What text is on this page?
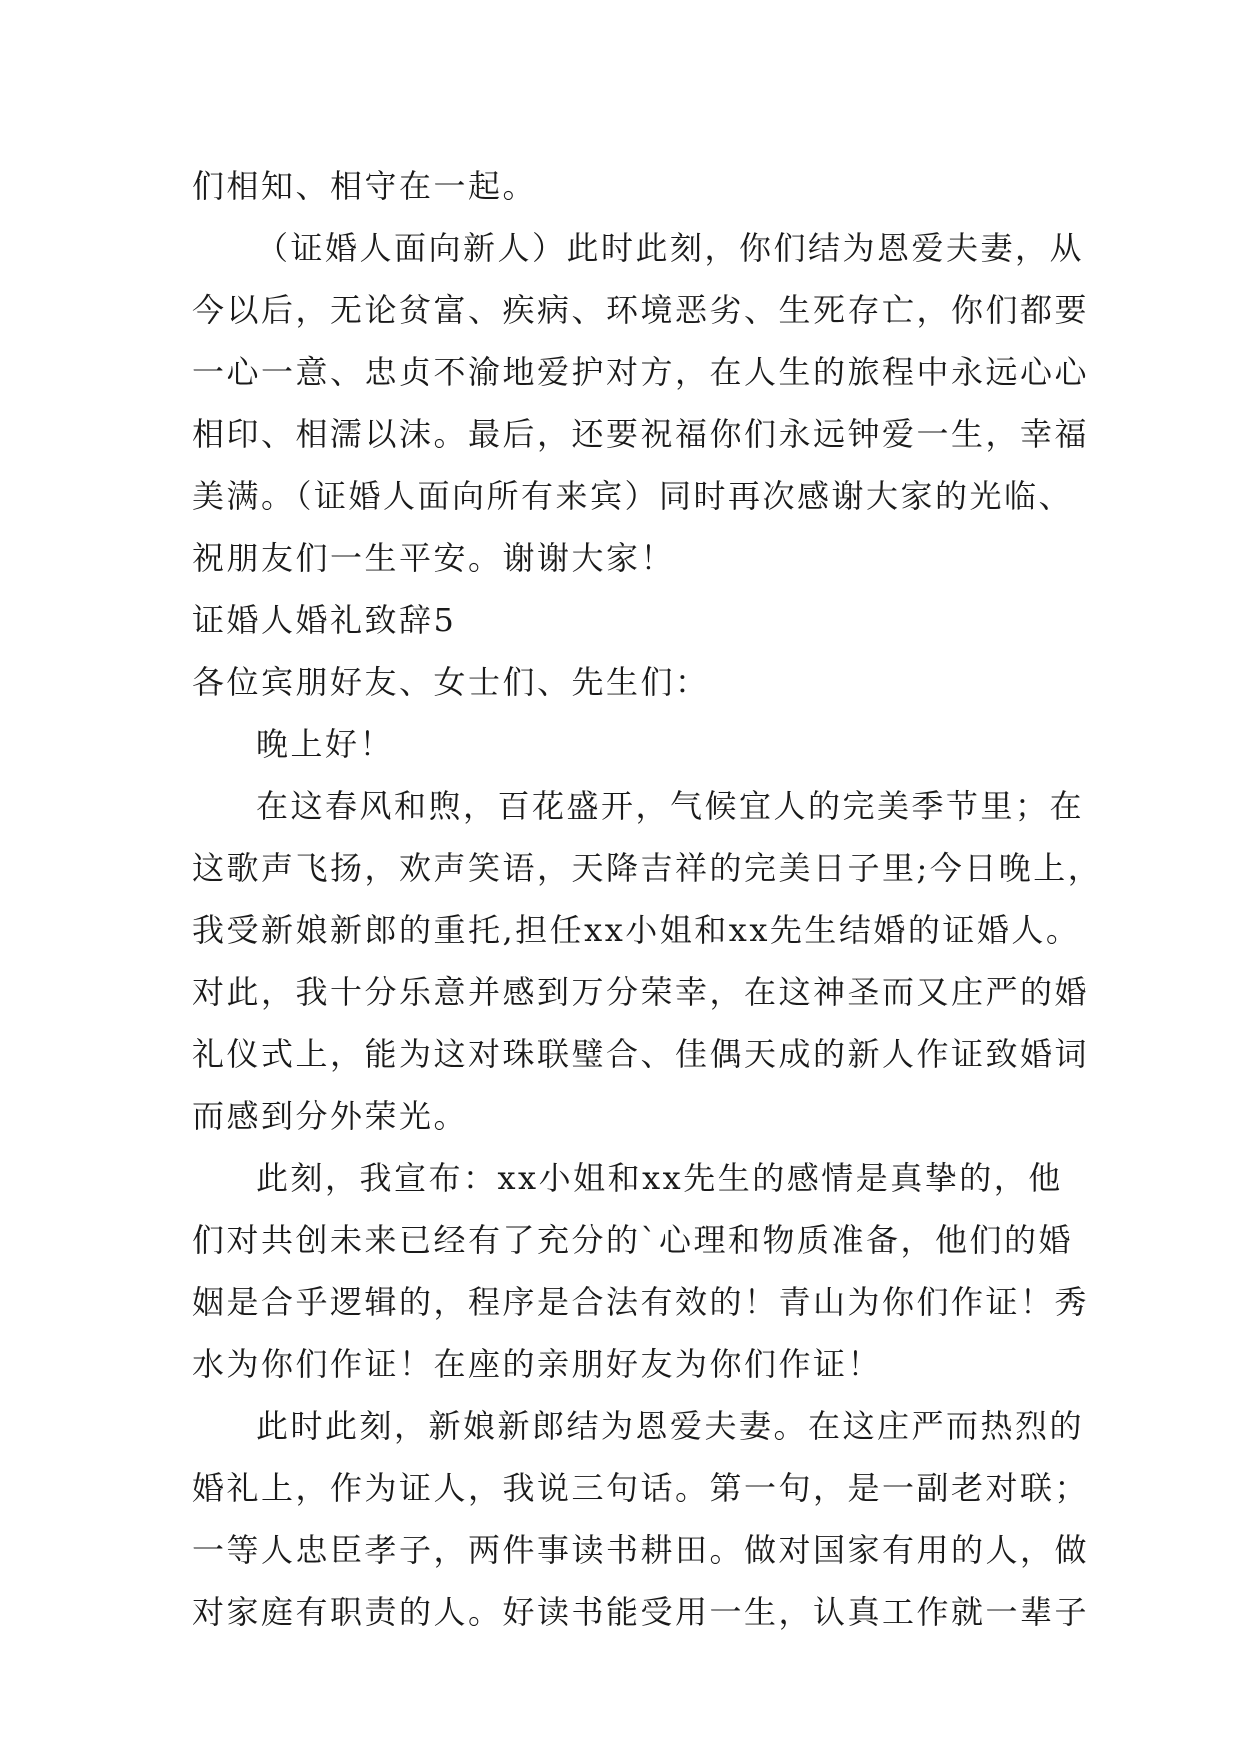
们相知、相守在一起。
（证婚人面向新人）此时此刻，你们结为恩爱夫妻，从
今以后，无论贫富、疾病、环境恶劣、生死存亡，你们都要
一心一意、忠贞不渝地爱护对方，在人生的旅程中永远心心
相印、相濡以沫。最后，还要祝福你们永远钟爱一生，幸福
美满。（证婚人面向所有来宾）同时再次感谢大家的光临、
祝朋友们一生平安。谢谢大家！
证婚人婚礼致辞5
各位宾朋好友、女士们、先生们：
晚上好！
在这春风和煦，百花盛开，气候宜人的完美季节里；在
这歌声飞扬，欢声笑语，天降吉祥的完美日子里;今日晚上，
我受新娘新郎的重托,担任xx小姐和xx先生结婚的证婚人。
对此，我十分乐意并感到万分荣幸，在这神圣而又庄严的婚
礼仪式上，能为这对珠联璧合、佳偶天成的新人作证致婚词
而感到分外荣光。
此刻，我宣布：xx小姐和xx先生的感情是真挚的，他
们对共创未来已经有了充分的`心理和物质准备，他们的婚
姻是合乎逻辑的，程序是合法有效的！青山为你们作证！秀
水为你们作证！在座的亲朋好友为你们作证！
此时此刻，新娘新郎结为恩爱夫妻。在这庄严而热烈的
婚礼上，作为证人，我说三句话。第一句，是一副老对联；
一等人忠臣孝子，两件事读书耕田。做对国家有用的人，做
对家庭有职责的人。好读书能受用一生，认真工作就一辈子
